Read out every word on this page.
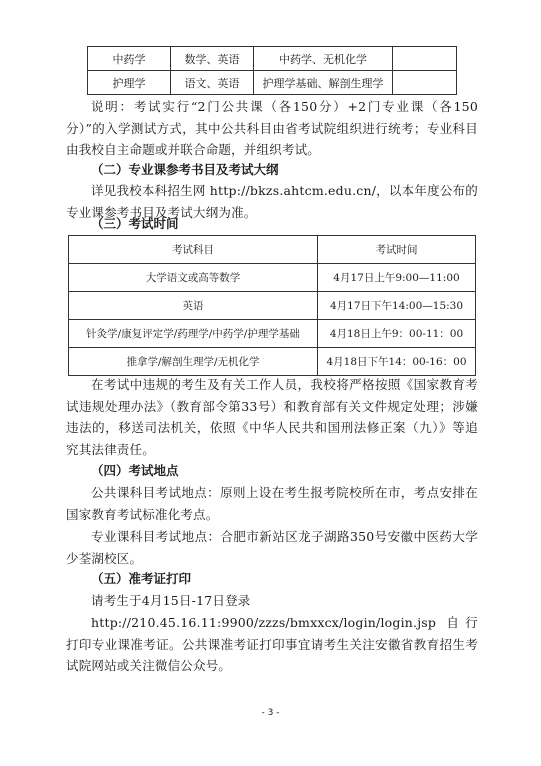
中药学	数学、英语	中药学、无机化学	
护理学	语文、英语	护理学基础、解剖生理学	
说明：考试实行“2门公共课（各150分）+2门专业课（各150分）”的入学测试方式，其中公共科目由省考试院组织进行统考；专业科目由我校自主命题或并联合命题，并组织考试。
（二）专业课参考书目及考试大纲
详见我校本科招生网 http://bkzs.ahtcm.edu.cn/，以本年度公布的专业课参考书目及考试大纲为准。
（三）考试时间
考试科目	考试时间
大学语文或高等数学	4月17日上午9:00—11:00
英语	4月17日下午14:00—15:30
针灸学/康复评定学/药理学/中药学/护理学基础	4月18日上午9：00-11：00
推拿学/解剖生理学/无机化学	4月18日下午14：00-16：00
在考试中违规的考生及有关工作人员，我校将严格按照《国家教育考试违规处理办法》（教育部令第33号）和教育部有关文件规定处理；涉嫌违法的，移送司法机关，依照《中华人民共和国刑法修正案（九）》等追究其法律责任。
（四）考试地点
公共课科目考试地点：原则上设在考生报考院校所在市，考点安排在国家教育考试标准化考点。
专业课科目考试地点：合肥市新站区龙子湖路350号安徽中医药大学少荃湖校区。
（五）准考证打印
请考生于4月15日-17日登录
http://210.45.16.11:9900/zzzs/bmxxcx/login/login.jsp 自行打印专业课准考证。公共课准考证打印事宜请考生关注安徽省教育招生考试院网站或关注微信公众号。
- 3 -
